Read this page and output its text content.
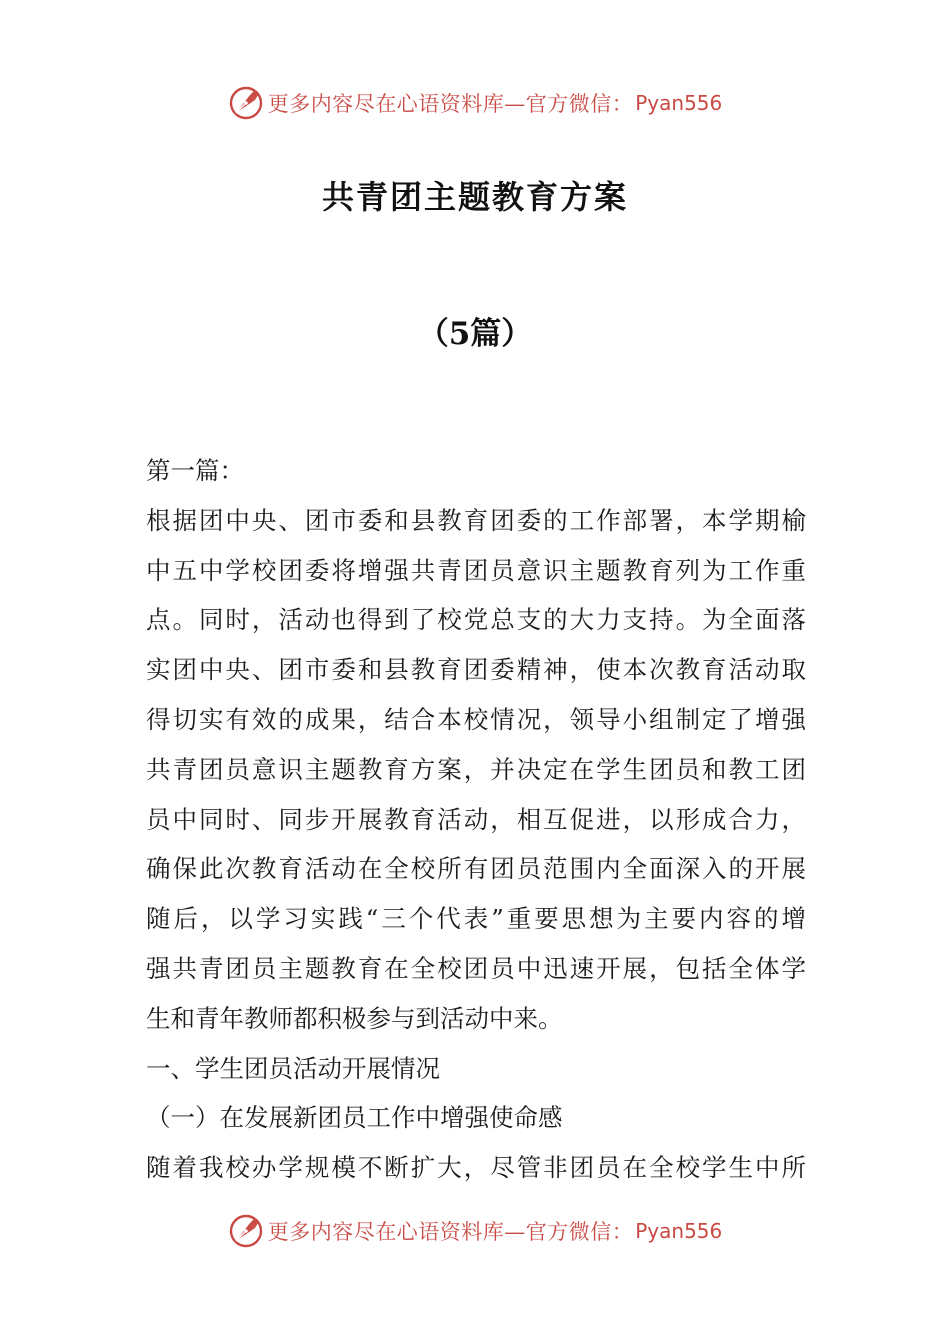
更多内容尽在心语资料库—官方微信： Pyan556
共青团主题教育方案
（5篇）
第一篇：
根据团中央、团市委和县教育团委的工作部署，本学期榆
中五中学校团委将增强共青团员意识主题教育列为工作重
点。同时，活动也得到了校党总支的大力支持。为全面落
实团中央、团市委和县教育团委精神，使本次教育活动取
得切实有效的成果，结合本校情况，领导小组制定了增强
共青团员意识主题教育方案，并决定在学生团员和教工团
员中同时、同步开展教育活动，相互促进，以形成合力，
确保此次教育活动在全校所有团员范围内全面深入的开展
随后，以学习实践“三个代表”重要思想为主要内容的增
强共青团员主题教育在全校团员中迅速开展，包括全体学
生和青年教师都积极参与到活动中来。
一、学生团员活动开展情况
（一）在发展新团员工作中增强使命感
随着我校办学规模不断扩大，尽管非团员在全校学生中所
更多内容尽在心语资料库—官方微信： Pyan556
